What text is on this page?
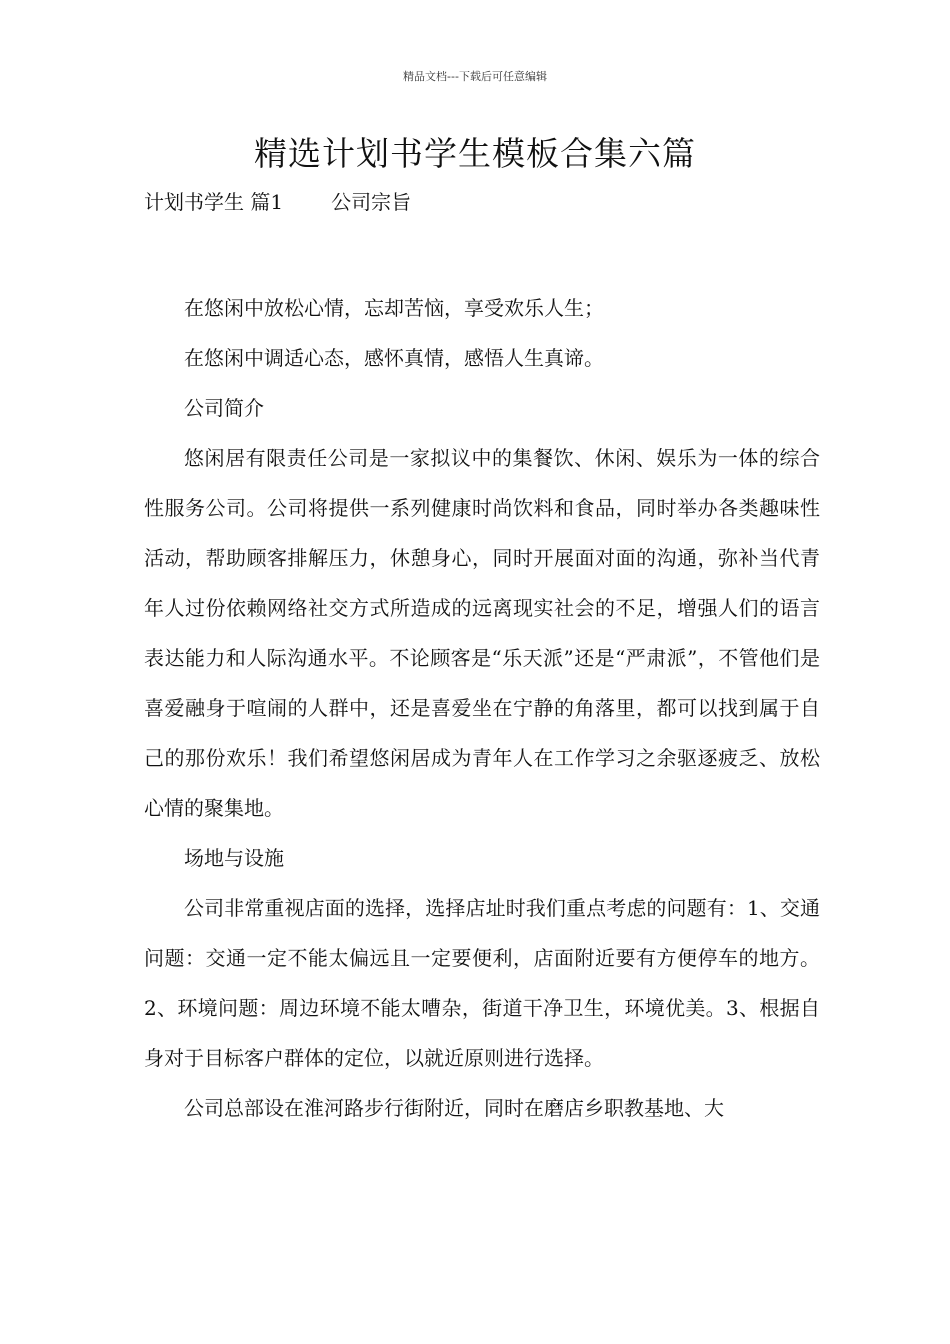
精品文档---下载后可任意编辑
精选计划书学生模板合集六篇
计划书学生 篇1 公司宗旨

在悠闲中放松心情，忘却苦恼，享受欢乐人生；

在悠闲中调适心态，感怀真情，感悟人生真谛。

公司简介

悠闲居有限责任公司是一家拟议中的集餐饮、休闲、娱乐为一体的综合性服务公司。公司将提供一系列健康时尚饮料和食品，同时举办各类趣味性活动，帮助顾客排解压力，休憩身心，同时开展面对面的沟通，弥补当代青年人过份依赖网络社交方式所造成的远离现实社会的不足，增强人们的语言表达能力和人际沟通水平。不论顾客是“乐天派”还是“严肃派”，不管他们是喜爱融身于喧闹的人群中，还是喜爱坐在宁静的角落里，都可以找到属于自己的那份欢乐！我们希望悠闲居成为青年人在工作学习之余驱逐疲乏、放松心情的聚集地。

场地与设施

公司非常重视店面的选择，选择店址时我们重点考虑的问题有：1、交通问题：交通一定不能太偏远且一定要便利，店面附近要有方便停车的地方。2、环境问题：周边环境不能太嘈杂，街道干净卫生，环境优美。3、根据自身对于目标客户群体的定位，以就近原则进行选择。

公司总部设在淮河路步行街附近，同时在磨店乡职教基地、大
